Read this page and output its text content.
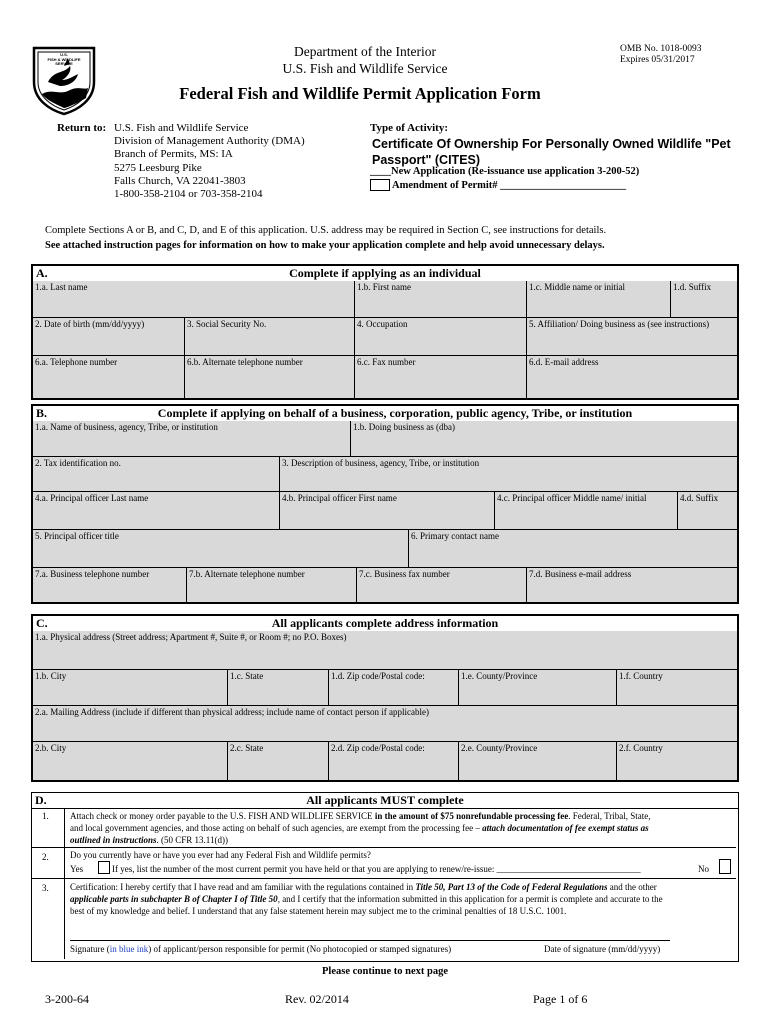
U.S.
FISH & WILDLIFE
SERVICE
Department of the Interior
U.S. Fish and Wildlife Service
OMB No. 1018-0093
Expires 05/31/2017
Federal Fish and Wildlife Permit Application Form
Return to: U.S. Fish and Wildlife Service
Division of Management Authority (DMA)
Branch of Permits, MS: IA
5275 Leesburg Pike
Falls Church, VA 22041-3803
1-800-358-2104 or 703-358-2104
Type of Activity:
Certificate Of Ownership For Personally Owned Wildlife "Pet
Passport" (CITES)
____New Application (Re-issuance use application 3-200-52)
Amendment of Permit# ________________________
Complete Sections A or B, and C, D, and E of this application. U.S. address may be required in Section C, see instructions for details.
See attached instruction pages for information on how to make your application complete and help avoid unnecessary delays.
A.	Complete if applying as an individual
1.a. Last name	1.b. First name	1.c. Middle name or initial	1.d. Suffix
2. Date of birth (mm/dd/yyyy)	3. Social Security No.	4. Occupation	5. Affiliation/ Doing business as (see instructions)
6.a. Telephone number	6.b. Alternate telephone number	6.c. Fax number	6.d. E-mail address
B.	Complete if applying on behalf of a business, corporation, public agency, Tribe, or institution
1.a. Name of business, agency, Tribe, or institution	1.b. Doing business as (dba)
2. Tax identification no.	3. Description of business, agency, Tribe, or institution
4.a. Principal officer Last name	4.b. Principal officer First name	4.c. Principal officer Middle name/ initial	4.d. Suffix
5. Principal officer title	6. Primary contact name
7.a. Business telephone number	7.b. Alternate telephone number	7.c. Business fax number	7.d. Business e-mail address
C.	All applicants complete address information
1.a. Physical address (Street address; Apartment #, Suite #, or Room #; no P.O. Boxes)
1.b. City	1.c. State	1.d. Zip code/Postal code:	1.e. County/Province	1.f. Country
2.a. Mailing Address (include if different than physical address; include name of contact person if applicable)
2.b. City	2.c. State	2.d. Zip code/Postal code:	2.e. County/Province	2.f. Country
D.	All applicants MUST complete
1. Attach check or money order payable to the U.S. FISH AND WILDLIFE SERVICE in the amount of $75 nonrefundable processing fee. Federal, Tribal, State,
and local government agencies, and those acting on behalf of such agencies, are exempt from the processing fee – attach documentation of fee exempt status as
outlined in instructions. (50 CFR 13.11(d))
2. Do you currently have or have you ever had any Federal Fish and Wildlife permits?
Yes	If yes, list the number of the most current permit you have held or that you are applying to renew/re-issue: ________________________________	No
3. Certification: I hereby certify that I have read and am familiar with the regulations contained in Title 50, Part 13 of the Code of Federal Regulations and the other
applicable parts in subchapter B of Chapter I of Title 50, and I certify that the information submitted in this application for a permit is complete and accurate to the
best of my knowledge and belief. I understand that any false statement herein may subject me to the criminal penalties of 18 U.S.C. 1001.
Signature (in blue ink) of applicant/person responsible for permit (No photocopied or stamped signatures)	Date of signature (mm/dd/yyyy)
Please continue to next page
3-200-64	Rev. 02/2014	Page 1 of 6
